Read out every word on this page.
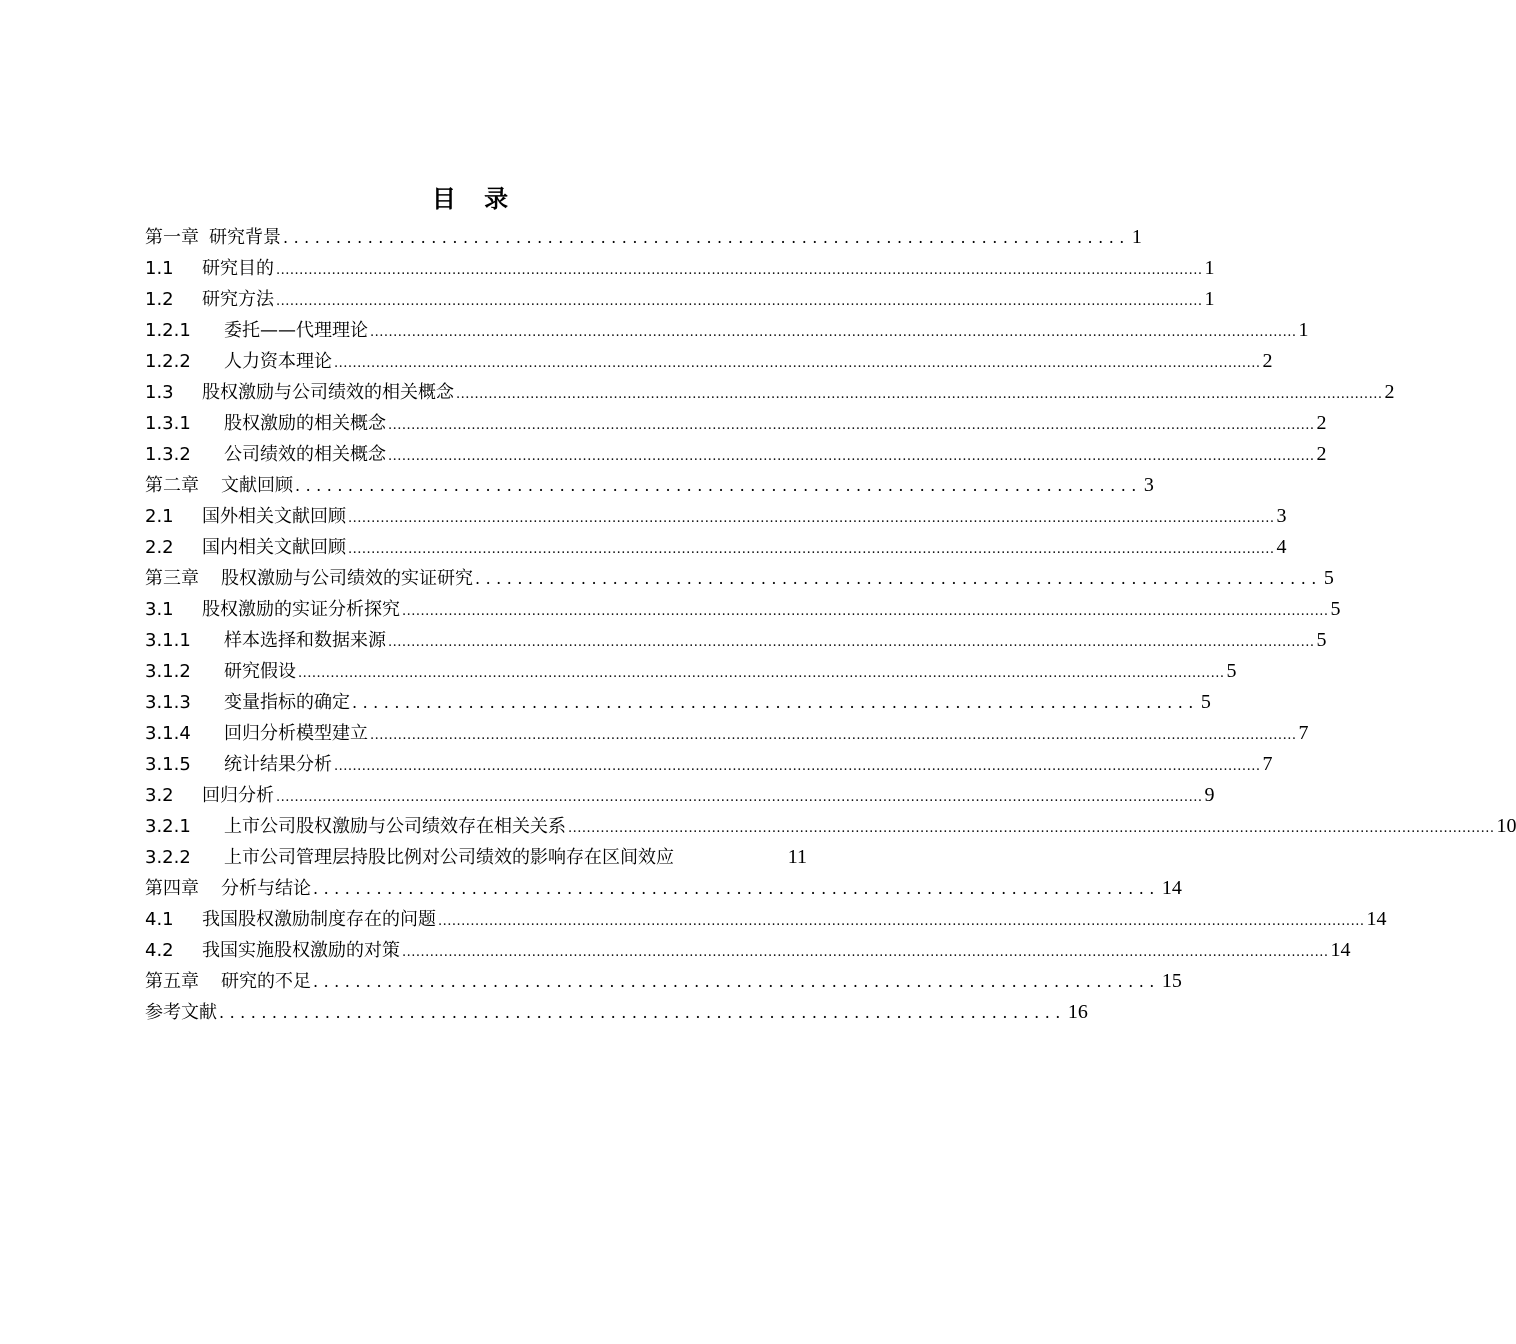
目 录
第一章 研究背景 ................................................................................ 1
1.1	研究目的 ........................................................................................................................................................................................................ 1
1.2	研究方法 ........................................................................................................................................................................................................ 1
1.2.1	委托——代理理论 ........................................................................................................................................................................................................ 1
1.2.2	人力资本理论 ........................................................................................................................................................................................................ 2
1.3	股权激励与公司绩效的相关概念 ........................................................................................................................................................................................................ 2
1.3.1	股权激励的相关概念 ........................................................................................................................................................................................................ 2
1.3.2	公司绩效的相关概念 ........................................................................................................................................................................................................ 2
第二章	文献回顾 ................................................................................ 3
2.1	国外相关文献回顾 ........................................................................................................................................................................................................ 3
2.2	国内相关文献回顾 ........................................................................................................................................................................................................ 4
第三章	股权激励与公司绩效的实证研究 ................................................................................ 5
3.1	股权激励的实证分析探究 ........................................................................................................................................................................................................ 5
3.1.1	样本选择和数据来源 ........................................................................................................................................................................................................ 5
3.1.2	研究假设 ........................................................................................................................................................................................................ 5
3.1.3	变量指标的确定 ................................................................................ 5
3.1.4	回归分析模型建立 ........................................................................................................................................................................................................ 7
3.1.5	统计结果分析 ........................................................................................................................................................................................................ 7
3.2	回归分析 ........................................................................................................................................................................................................ 9
3.2.1	上市公司股权激励与公司绩效存在相关关系 ........................................................................................................................................................................................................ 10
3.2.2	上市公司管理层持股比例对公司绩效的影响存在区间效应	11
第四章	分析与结论 ................................................................................ 14
4.1	我国股权激励制度存在的问题 ........................................................................................................................................................................................................ 14
4.2	我国实施股权激励的对策 ........................................................................................................................................................................................................ 14
第五章	研究的不足 ................................................................................ 15
参考文献 ................................................................................ 16
